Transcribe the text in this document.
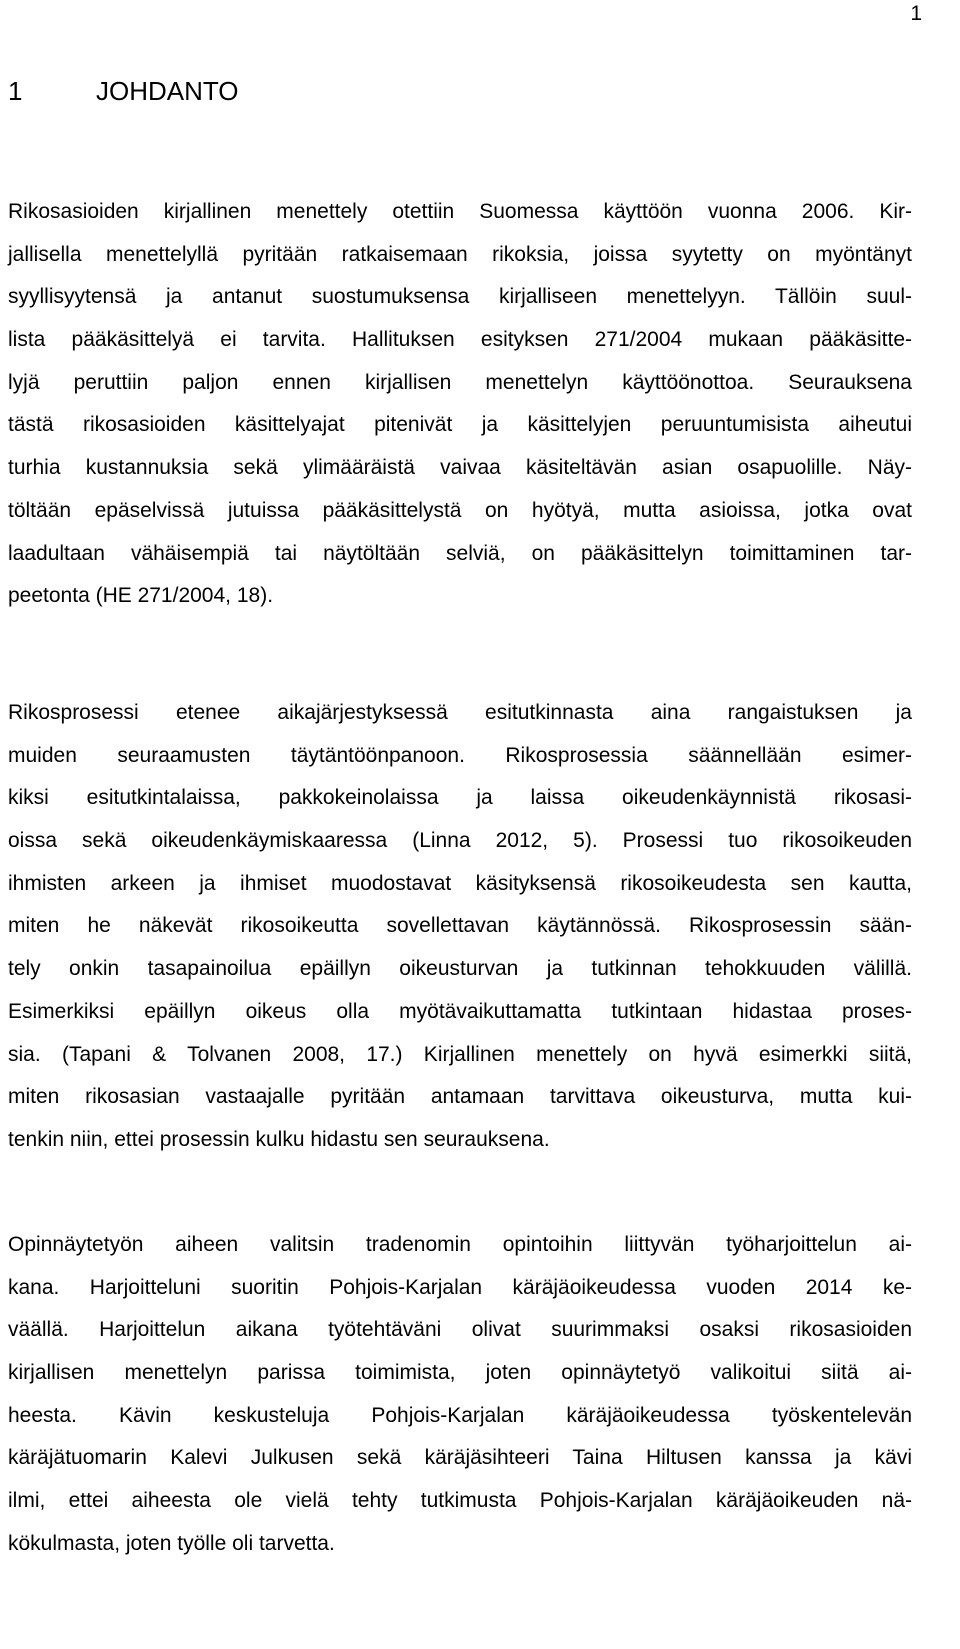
1
1	JOHDANTO
Rikosasioiden kirjallinen menettely otettiin Suomessa käyttöön vuonna 2006. Kir-
jallisella menettelyllä pyritään ratkaisemaan rikoksia, joissa syytetty on myöntänyt
syyllisyytensä ja antanut suostumuksensa kirjalliseen menettelyyn. Tällöin suul-
lista pääkäsittelyä ei tarvita. Hallituksen esityksen 271/2004 mukaan pääkäsitte-
lyjä peruttiin paljon ennen kirjallisen menettelyn käyttöönottoa. Seurauksena
tästä rikosasioiden käsittelyajat pitenivät ja käsittelyjen peruuntumisista aiheutui
turhia kustannuksia sekä ylimääräistä vaivaa käsiteltävän asian osapuolille. Näy-
töltään epäselvissä jutuissa pääkäsittelystä on hyötyä, mutta asioissa, jotka ovat
laadultaan vähäisempiä tai näytöltään selviä, on pääkäsittelyn toimittaminen tar-
peetonta (HE 271/2004, 18).
Rikosprosessi etenee aikajärjestyksessä esitutkinnasta aina rangaistuksen ja
muiden seuraamusten täytäntöönpanoon. Rikosprosessia säännellään esimer-
kiksi esitutkintalaissa, pakkokeinolaissa ja laissa oikeudenkäynnistä rikosasi-
oissa sekä oikeudenkäymiskaaressa (Linna 2012, 5). Prosessi tuo rikosoikeuden
ihmisten arkeen ja ihmiset muodostavat käsityksensä rikosoikeudesta sen kautta,
miten he näkevät rikosoikeutta sovellettavan käytännössä. Rikosprosessin sään-
tely onkin tasapainoilua epäillyn oikeusturvan ja tutkinnan tehokkuuden välillä.
Esimerkiksi epäillyn oikeus olla myötävaikuttamatta tutkintaan hidastaa proses-
sia. (Tapani & Tolvanen 2008, 17.) Kirjallinen menettely on hyvä esimerkki siitä,
miten rikosasian vastaajalle pyritään antamaan tarvittava oikeusturva, mutta kui-
tenkin niin, ettei prosessin kulku hidastu sen seurauksena.
Opinnäytetyön aiheen valitsin tradenomin opintoihin liittyvän työharjoittelun ai-
kana. Harjoitteluni suoritin Pohjois-Karjalan käräjäoikeudessa vuoden 2014 ke-
väällä. Harjoittelun aikana työtehtäväni olivat suurimmaksi osaksi rikosasioiden
kirjallisen menettelyn parissa toimimista, joten opinnäytetyö valikoitui siitä ai-
heesta. Kävin keskusteluja Pohjois-Karjalan käräjäoikeudessa työskentelevän
käräjätuomarin Kalevi Julkusen sekä käräjäsihteeri Taina Hiltusen kanssa ja kävi
ilmi, ettei aiheesta ole vielä tehty tutkimusta Pohjois-Karjalan käräjäoikeuden nä-
kökulmasta, joten työlle oli tarvetta.
